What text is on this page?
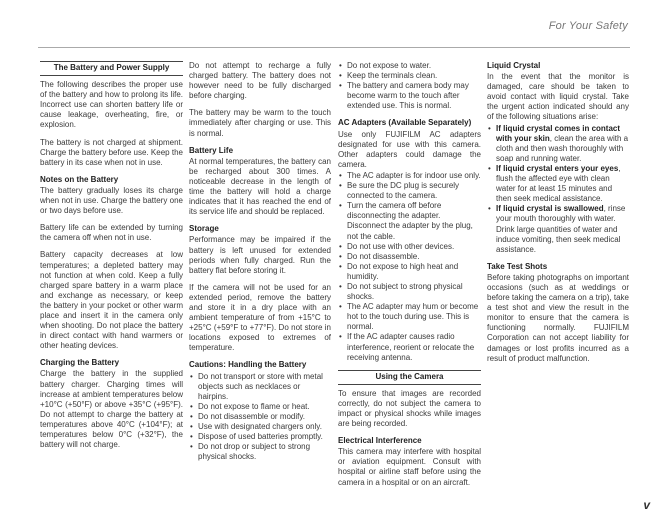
For Your Safety
The Battery and Power Supply

The following describes the proper use of the battery and how to prolong its life. Incorrect use can shorten battery life or cause leakage, overheating, fire, or explosion.

The battery is not charged at shipment. Charge the battery before use. Keep the battery in its case when not in use.

Notes on the Battery

The battery gradually loses its charge when not in use. Charge the battery one or two days before use.

Battery life can be extended by turning the camera off when not in use.

Battery capacity decreases at low temperatures; a depleted battery may not function at when cold. Keep a fully charged spare battery in a warm place and exchange as necessary, or keep the battery in your pocket or other warm place and insert it in the camera only when shooting. Do not place the battery in direct contact with hand warmers or other heating devices.

Charging the Battery

Charge the battery in the supplied battery charger. Charging times will increase at ambient temperatures below +10°C (+50°F) or above +35°C (+95°F). Do not attempt to charge the battery at temperatures above 40°C (+104°F); at temperatures below 0°C (+32°F), the battery will not charge.

Do not attempt to recharge a fully charged battery. The battery does not however need to be fully discharged before charging.

The battery may be warm to the touch immediately after charging or use. This is normal.

Battery Life

At normal temperatures, the battery can be recharged about 300 times. A noticeable decrease in the length of time the battery will hold a charge indicates that it has reached the end of its service life and should be replaced.

Storage

Performance may be impaired if the battery is left unused for extended periods when fully charged. Run the battery flat before storing it.

If the camera will not be used for an extended period, remove the battery and store it in a dry place with an ambient temperature of from +15°C to +25°C (+59°F to +77°F). Do not store in locations exposed to extremes of temperature.

Cautions: Handling the Battery
• Do not transport or store with metal objects such as necklaces or hairpins.
• Do not expose to flame or heat.
• Do not disassemble or modify.
• Use with designated chargers only.
• Dispose of used batteries promptly.
• Do not drop or subject to strong physical shocks.
• Do not expose to water.
• Keep the terminals clean.
• The battery and camera body may become warm to the touch after extended use. This is normal.
AC Adapters (Available Separately)

Use only FUJIFILM AC adapters designated for use with this camera. Other adapters could damage the camera.

• The AC adapter is for indoor use only.
• Be sure the DC plug is securely connected to the camera.
• Turn the camera off before disconnecting the adapter. Disconnect the adapter by the plug, not the cable.
• Do not use with other devices.
• Do not disassemble.
• Do not expose to high heat and humidity.
• Do not subject to strong physical shocks.
• The AC adapter may hum or become hot to the touch during use. This is normal.
• If the AC adapter causes radio interference, reorient or relocate the receiving antenna.
Using the Camera

To ensure that images are recorded correctly, do not subject the camera to impact or physical shocks while images are being recorded.

Electrical Interference

This camera may interfere with hospital or aviation equipment. Consult with hospital or airline staff before using the camera in a hospital or on an aircraft.

Liquid Crystal

In the event that the monitor is damaged, care should be taken to avoid contact with liquid crystal. Take the urgent action indicated should any of the following situations arise:

• If liquid crystal comes in contact with your skin, clean the area with a cloth and then wash thoroughly with soap and running water.
• If liquid crystal enters your eyes, flush the affected eye with clean water for at least 15 minutes and then seek medical assistance.
• If liquid crystal is swallowed, rinse your mouth thoroughly with water. Drink large quantities of water and induce vomiting, then seek medical assistance.
Take Test Shots

Before taking photographs on important occasions (such as at weddings or before taking the camera on a trip), take a test shot and view the result in the monitor to ensure that the camera is functioning normally. FUJIFILM Corporation can not accept liability for damages or lost profits incurred as a result of product malfunction.

v
